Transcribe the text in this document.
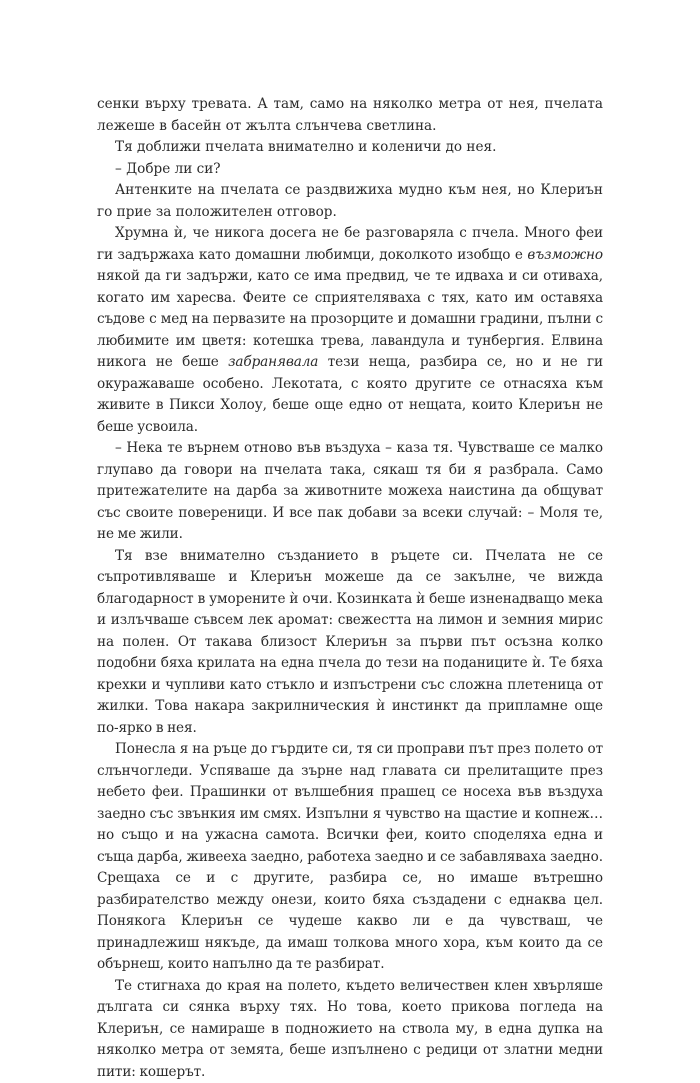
сенки върху тревата. А там, само на няколко метра от нея, пчелата лежеше в басейн от жълта слънчева светлина.

Тя доближи пчелата внимателно и коленичи до нея.

– Добре ли си?

Антенките на пчелата се раздвижиха мудно към нея, но Клериън го прие за положителен отговор.

Хрумна ѝ, че никога досега не бе разговаряла с пчела. Много феи ги задържаха като домашни любимци, доколкото изобщо е възможно някой да ги задържи, като се има предвид, че те идваха и си отиваха, когато им харесва. Феите се сприятеляваха с тях, като им оставяха съдове с мед на первазите на прозорците и домашни градини, пълни с любимите им цветя: котешка трева, лавандула и тунбергия. Елвина никога не беше забранявала тези неща, разбира се, но и не ги окуражаваше особено. Лекотата, с която другите се отнасяха към живите в Пикси Холоу, беше още едно от нещата, които Клериън не беше усвоила.

– Нека те върнем отново във въздуха – каза тя. Чувстваше се малко глупаво да говори на пчелата така, сякаш тя би я разбрала. Само притежателите на дарба за животните можеха наистина да общуват със своите повереници. И все пак добави за всеки случай: – Моля те, не ме жили.

Тя взе внимателно създанието в ръцете си. Пчелата не се съпротивляваше и Клериън можеше да се закълне, че вижда благодарност в уморените ѝ очи. Козинката ѝ беше изненадващо мека и излъчваше съвсем лек аромат: свежестта на лимон и земния мирис на полен. От такава близост Клериън за първи път осъзна колко подобни бяха крилата на една пчела до тези на поданиците ѝ. Те бяха крехки и чупливи като стъкло и изпъстрени със сложна плетеница от жилки. Това накара закрилническия ѝ инстинкт да припламне още по-ярко в нея.

Понесла я на ръце до гърдите си, тя си проправи път през полето от слънчогледи. Успяваше да зърне над главата си прелитащите през небето феи. Прашинки от вълшебния прашец се носеха във въздуха заедно със звънкия им смях. Изпълни я чувство на щастие и копнеж… но също и на ужасна самота. Всички феи, които споделяха една и съща дарба, живееха заедно, работеха заедно и се забавляваха заедно. Срещаха се и с другите, разбира се, но имаше вътрешно разбирателство между онези, които бяха създадени с еднаква цел. Понякога Клериън се чудеше какво ли е да чувстваш, че принадлежиш някъде, да имаш толкова много хора, към които да се обърнеш, които напълно да те разбират.

Те стигнаха до края на полето, където величествен клен хвърляше дългата си сянка върху тях. Но това, което прикова погледа на Клериън, се намираше в подножието на ствола му, в една дупка на няколко метра от земята, беше изпълнено с редици от златни медни пити: кошерът.
